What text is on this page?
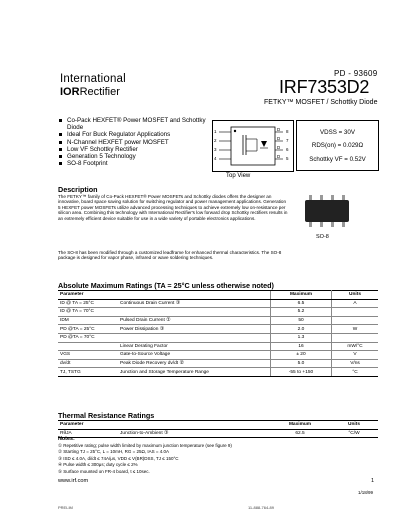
PD - 93609
International
IORRectifier	IRF7353D2
FETKY™ MOSFET / Schottky Diode
Co-Pack HEXFET® Power MOSFET and Schottky Diode
Ideal For Buck Regulator Applications
N-Channel HEXFET power MOSFET
Low VF Schottky Rectifier
Generation 5 Technology
SO-8 Footprint
1
2
3
4
D
D
D
D
8
7
6
5
Top View
VDSS = 30V
RDS(on) = 0.029Ω
Schottky VF = 0.52V
Description
The FETKY™ family of Co-Pack HEXFET® Power MOSFETs and Schottky diodes offers the designer an innovative, board space saving solution for switching regulator and power management applications. Generation 5 HEXFET power MOSFETs utilize advanced processing techniques to achieve extremely low on-resistance per silicon area. Combining this technology with International Rectifier's low forward drop Schottky rectifiers results in an extremely efficient device suitable for use in a wide variety of portable electronics applications.
The SO-8 has been modified through a customized leadframe for enhanced thermal characteristics. The SO-8 package is designed for vapor phase, infrared or wave soldering techniques.
SO-8
Absolute Maximum Ratings (TA = 25°C unless otherwise noted)
Parameter		Maximum	Units
ID @ TA = 25°C	Continuous Drain Current ③	6.5	A
ID @ TA = 70°C		5.2	
IDM	Pulsed Drain Current ①	50	
PD @TA = 25°C	Power Dissipation ③	2.0	W
PD @TA = 70°C		1.3	
	Linear Derating Factor	16	mW/°C
VGS	Gate-to-Source Voltage	± 20	V
dv/dt	Peak Diode Recovery dv/dt ②	5.0	V/ns
TJ, TSTG	Junction and Storage Temperature Range	-55 to +150	°C
Thermal Resistance Ratings
Parameter		Maximum	Units
RθJA	Junction-to-Ambient ③	62.5	°C/W
Notes:
① Repetitive rating; pulse width limited by maximum junction temperature (see figure 9)
② Starting TJ = 25°C, L = 10mH, RG = 25Ω, IAS = 4.0A
③ ISD ≤ 4.0A, di/dt ≤ 74A/μs, VDD ≤ V(BR)DSS, TJ ≤ 150°C
④ Pulse width ≤ 300μs; duty cycle ≤ 2%
⑤ Surface mounted on FR-4 board, t ≤ 10sec.
www.irf.com	1
1/18/99
PRELIM	11-888-764-89
